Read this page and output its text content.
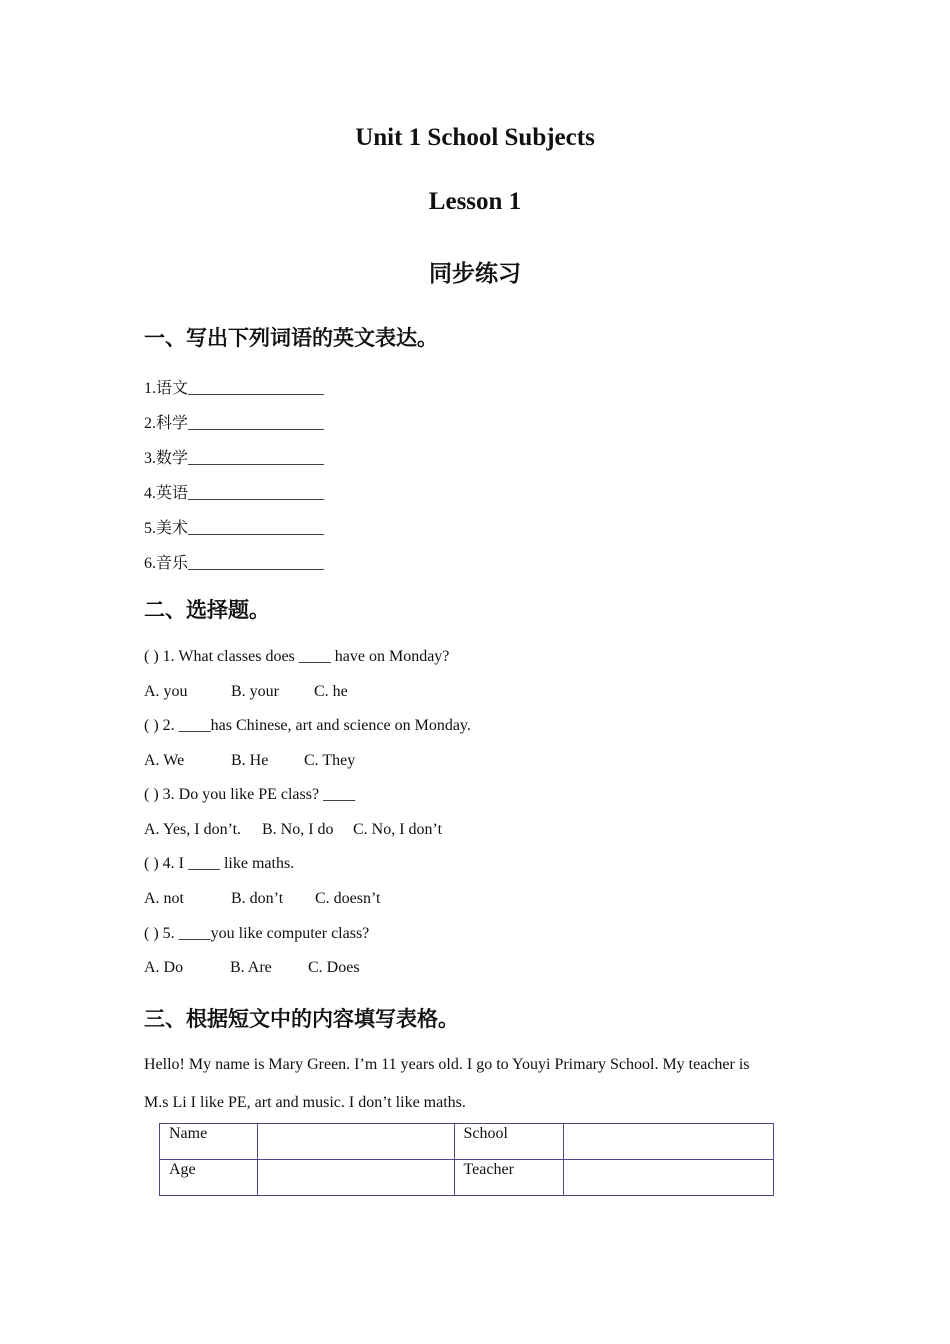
Unit 1 School Subjects
Lesson 1
同步练习
一、写出下列词语的英文表达。
1.语文_________________
2.科学_________________
3.数学_________________
4.英语_________________
5.美术_________________
6.音乐_________________
二、选择题。
( ) 1. What classes does ____ have on Monday?
A. you	B. your C. he
( ) 2. ____has Chinese, art and science on Monday.
A. We	B. He C. They
( ) 3. Do you like PE class? ____
A. Yes, I don’t. B. No, I do C. No, I don’t
( ) 4. I ____ like maths.
A. not	B. don’t C. doesn’t
( ) 5. ____you like computer class?
A. Do	B. Are C. Does
三、根据短文中的内容填写表格。
Hello! My name is Mary Green. I’m 11 years old. I go to Youyi Primary School. My teacher is
M.s Li I like PE, art and music. I don’t like maths.
Name		School	
Age		Teacher	
